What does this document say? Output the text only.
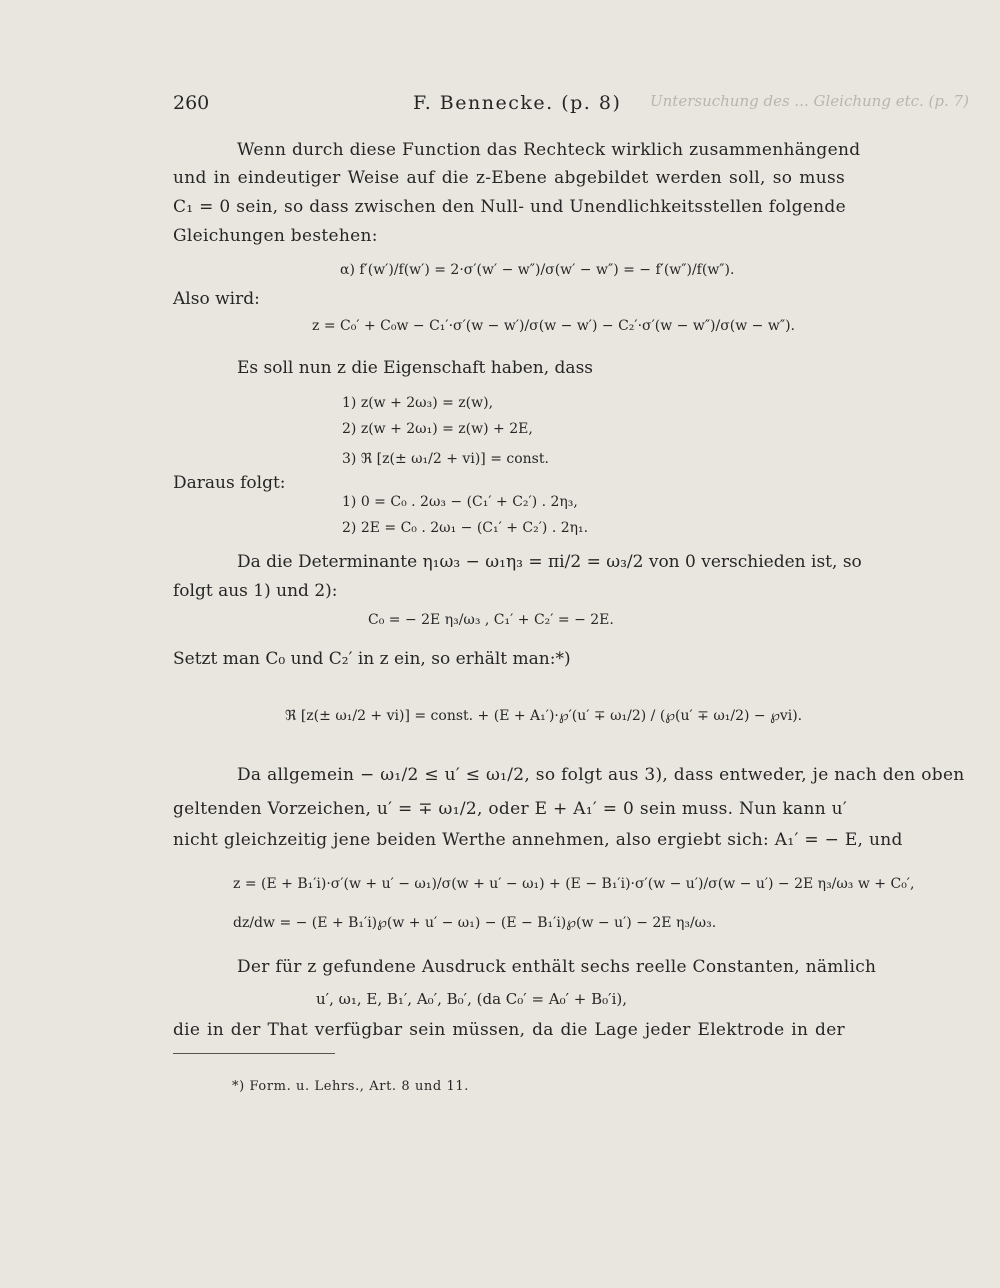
Untersuchung des ... Gleichung etc. (p. 7)
260	F. Bennecke. (p. 8)
Wenn durch diese Function das Rechteck wirklich zusammenhängend
und in eindeutiger Weise auf die z-Ebene abgebildet werden soll, so muss
C₁ = 0 sein, so dass zwischen den Null- und Unendlichkeitsstellen folgende
Gleichungen bestehen:
α) f′(w′)/f(w′) = 2·σ′(w′ − w″)/σ(w′ − w″) = − f′(w″)/f(w″).
Also wird:
z = C₀′ + C₀w − C₁′·σ′(w − w′)/σ(w − w′) − C₂′·σ′(w − w″)/σ(w − w″).
Es soll nun z die Eigenschaft haben, dass
1) z(w + 2ω₃) = z(w),
2) z(w + 2ω₁) = z(w) + 2E,
3) ℜ [z(± ω₁/2 + vi)] = const.
Daraus folgt:
1) 0 = C₀ . 2ω₃ − (C₁′ + C₂′) . 2η₃,
2) 2E = C₀ . 2ω₁ − (C₁′ + C₂′) . 2η₁.
Da die Determinante η₁ω₃ − ω₁η₃ = πi/2 = ω₃/2 von 0 verschieden ist, so
folgt aus 1) und 2):
C₀ = − 2E η₃/ω₃ , C₁′ + C₂′ = − 2E.
Setzt man C₀ und C₂′ in z ein, so erhält man:*)
ℜ [z(± ω₁/2 + vi)] = const. + (E + A₁′)·℘′(u′ ∓ ω₁/2) / (℘(u′ ∓ ω₁/2) − ℘vi).
Da allgemein − ω₁/2 ≤ u′ ≤ ω₁/2, so folgt aus 3), dass entweder, je nach den oben
geltenden Vorzeichen, u′ = ∓ ω₁/2, oder E + A₁′ = 0 sein muss. Nun kann u′
nicht gleichzeitig jene beiden Werthe annehmen, also ergiebt sich: A₁′ = − E, und
z = (E + B₁′i)·σ′(w + u′ − ω₁)/σ(w + u′ − ω₁) + (E − B₁′i)·σ′(w − u′)/σ(w − u′) − 2E η₃/ω₃ w + C₀′,
dz/dw = − (E + B₁′i)℘(w + u′ − ω₁) − (E − B₁′i)℘(w − u′) − 2E η₃/ω₃.
Der für z gefundene Ausdruck enthält sechs reelle Constanten, nämlich
u′, ω₁, E, B₁′, A₀′, B₀′, (da C₀′ = A₀′ + B₀′i),
die in der That verfügbar sein müssen, da die Lage jeder Elektrode in der
*) Form. u. Lehrs., Art. 8 und 11.
